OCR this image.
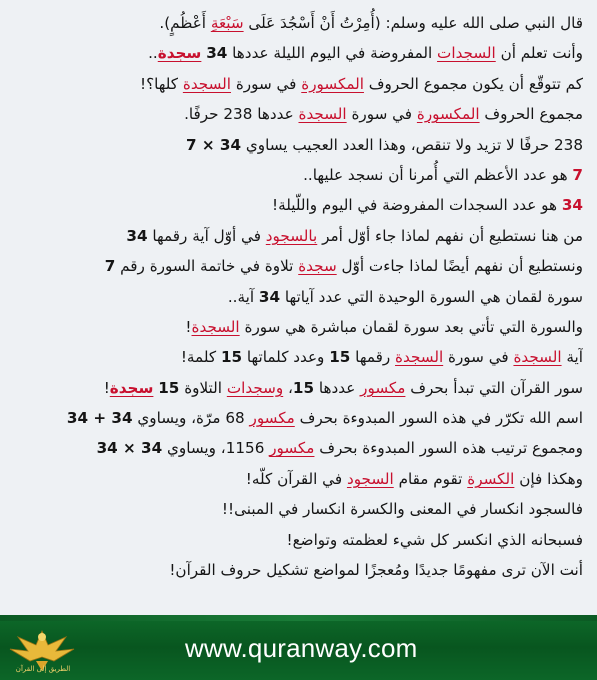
قال النبي صلى الله عليه وسلم: (أُمِرْتُ أَنْ أَسْجُدَ عَلَى سَبْعَةِ أَعْظُمٍ).
وأنت تعلم أن السجدات المفروضة في اليوم الليلة عددها 34 سجدة..
كم تتوقّع أن يكون مجموع الحروف المكسورة في سورة السجدة كلها؟!
مجموع الحروف المكسورة في سورة السجدة عددها 238 حرفًا.
238 حرفًا لا تزيد ولا تنقص، وهذا العدد العجيب يساوي 34 × 7
7 هو عدد الأعظم التي أُمرنا أن نسجد عليها..
34 هو عدد السجدات المفروضة في اليوم واللّيلة!
من هنا نستطيع أن نفهم لماذا جاء أوّل أمر بالسجود في أوّل آية رقمها 34
ونستطيع أن نفهم أيضًا لماذا جاءت أوّل سجدة تلاوة في خاتمة السورة رقم 7
سورة لقمان هي السورة الوحيدة التي عدد آياتها 34 آية..
والسورة التي تأتي بعد سورة لقمان مباشرة هي سورة السجدة!
آية السجدة في سورة السجدة رقمها 15 وعدد كلماتها 15 كلمة!
سور القرآن التي تبدأ بحرف مكسور عددها 15، وسجدات التلاوة 15 سجدة!
اسم الله تكرّر في هذه السور المبدوءة بحرف مكسور 68 مرّة، ويساوي 34 + 34
ومجموع ترتيب هذه السور المبدوءة بحرف مكسور 1156، ويساوي 34 × 34
وهكذا فإن الكسرة تقوم مقام السجود في القرآن كلّه!
فالسجود انكسار في المعنى والكسرة انكسار في المبنى!!
فسبحانه الذي انكسر كل شيء لعظمته وتواضع!
أنت الآن ترى مفهومًا جديدًا ومُعجزًا لمواضع تشكيل حروف القرآن!
الطريق إلى القرآن
www.quranway.com
